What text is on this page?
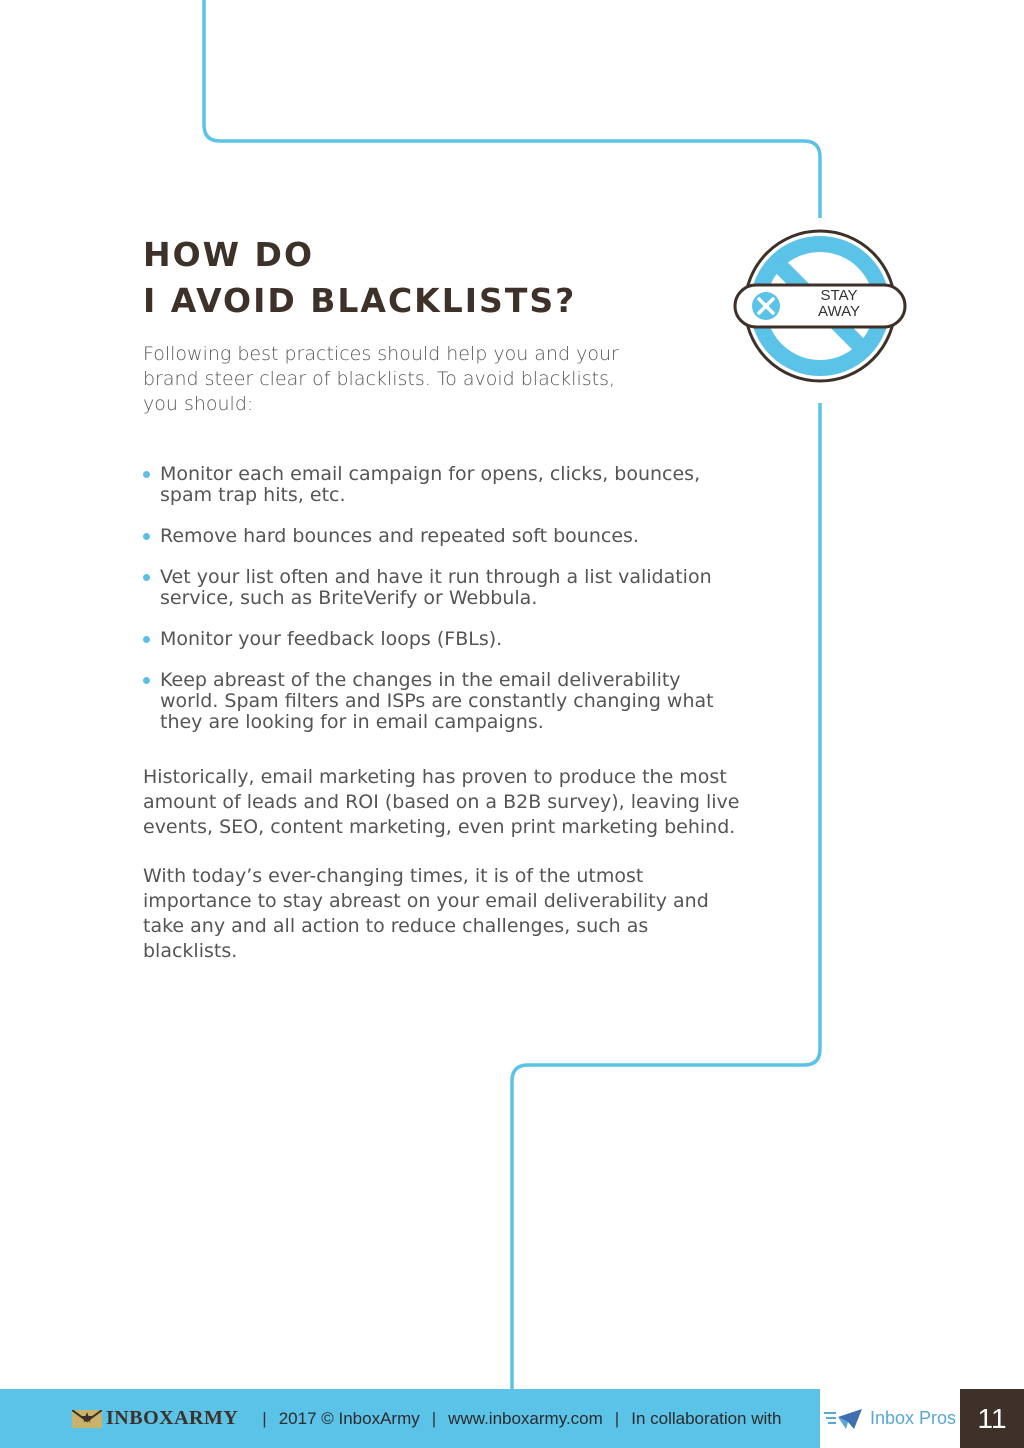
HOW DO
I AVOID BLACKLISTS?

Following best practices should help you and your brand steer clear of blacklists. To avoid blacklists, you should:

Monitor each email campaign for opens, clicks, bounces, spam trap hits, etc.
Remove hard bounces and repeated soft bounces.
Vet your list often and have it run through a list validation service, such as BriteVerify or Webbula.
Monitor your feedback loops (FBLs).
Keep abreast of the changes in the email deliverability world. Spam filters and ISPs are constantly changing what they are looking for in email campaigns.

Historically, email marketing has proven to produce the most amount of leads and ROI (based on a B2B survey), leaving live events, SEO, content marketing, even print marketing behind.

With today’s ever-changing times, it is of the utmost importance to stay abreast on your email deliverability and take any and all action to reduce challenges, such as blacklists.

STAY
AWAY
INBOXARMY | 2017 © InboxArmy | www.inboxarmy.com | In collaboration with	Inbox Pros 11
